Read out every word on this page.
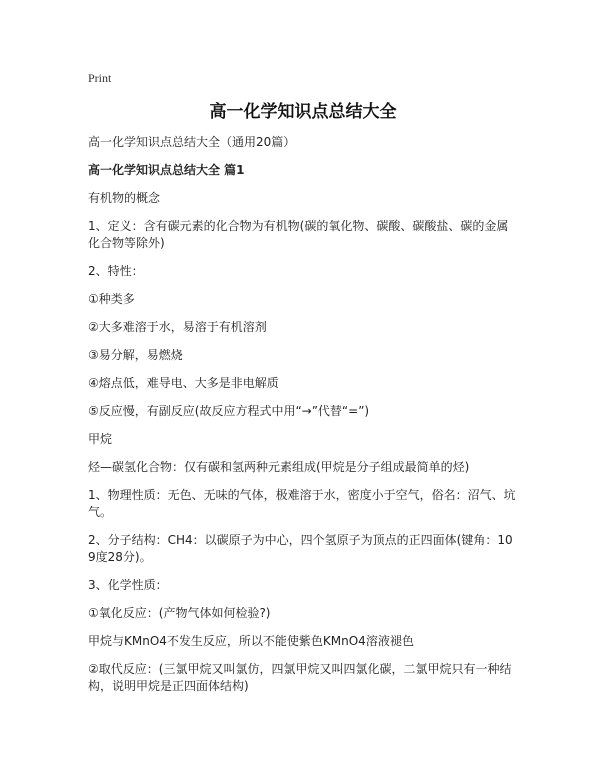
Print
高一化学知识点总结大全
高一化学知识点总结大全（通用20篇）
高一化学知识点总结大全 篇1
有机物的概念
1、定义：含有碳元素的化合物为有机物(碳的氧化物、碳酸、碳酸盐、碳的金属化合物等除外)
2、特性：
①种类多
②大多难溶于水，易溶于有机溶剂
③易分解，易燃烧
④熔点低，难导电、大多是非电解质
⑤反应慢，有副反应(故反应方程式中用“→”代替“=”)
甲烷
烃—碳氢化合物：仅有碳和氢两种元素组成(甲烷是分子组成最简单的烃)
1、物理性质：无色、无味的气体，极难溶于水，密度小于空气，俗名：沼气、坑气。
2、分子结构：CH4：以碳原子为中心，四个氢原子为顶点的正四面体(键角：109度28分)。
3、化学性质：
①氧化反应：(产物气体如何检验?)
甲烷与KMnO4不发生反应，所以不能使紫色KMnO4溶液褪色
②取代反应：(三氯甲烷又叫氯仿，四氯甲烷又叫四氯化碳，二氯甲烷只有一种结构，说明甲烷是正四面体结构)
